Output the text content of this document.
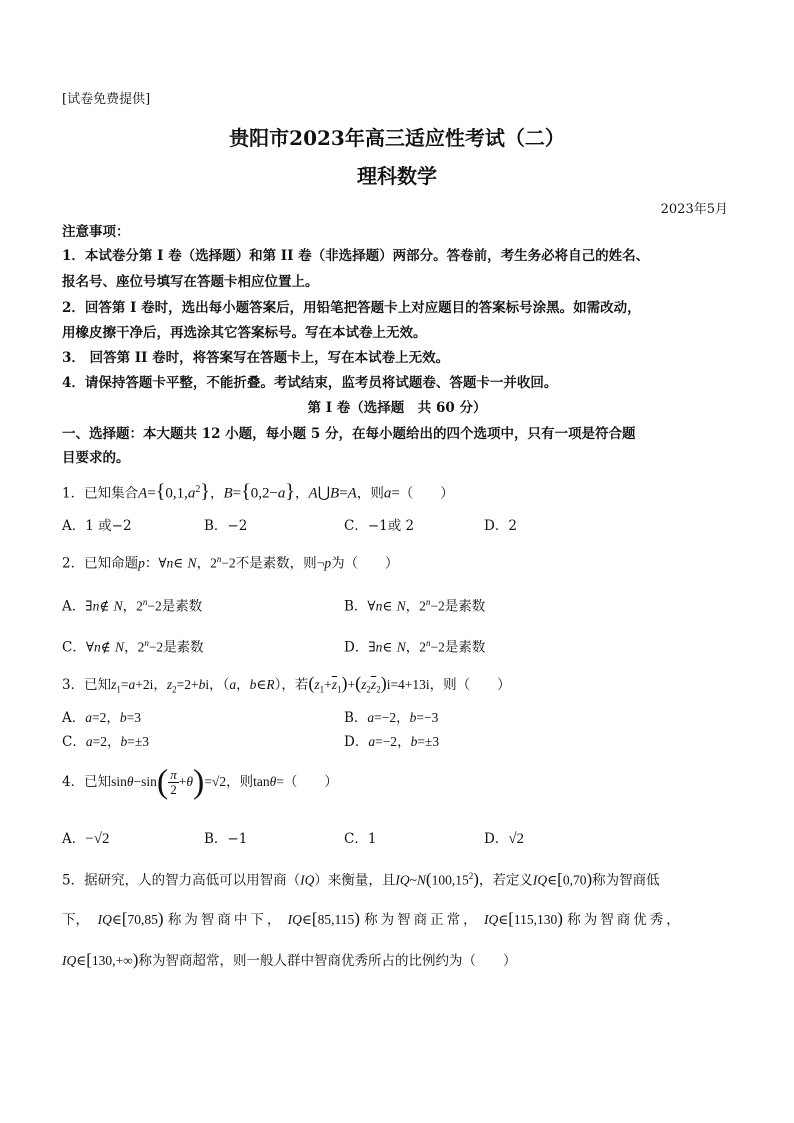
[试卷免费提供]
贵阳市2023年高三适应性考试（二）
理科数学
2023年5月
注意事项：
1．本试卷分第 I 卷（选择题）和第 II 卷（非选择题）两部分。答卷前，考生务必将自己的姓名、
报名号、座位号填写在答题卡相应位置上。
2．回答第 I 卷时，选出每小题答案后，用铅笔把答题卡上对应题目的答案标号涂黑。如需改动，
用橡皮擦干净后，再选涂其它答案标号。写在本试卷上无效。
3． 回答第 II 卷时，将答案写在答题卡上，写在本试卷上无效。
4．请保持答题卡平整，不能折叠。考试结束，监考员将试题卷、答题卡一并收回。
第 I 卷（选择题　共 60 分）
一、选择题：本大题共 12 小题，每小题 5 分，在每小题给出的四个选项中，只有一项是符合题
目要求的。
1．已知集合$A=\{0,1,a^2\}$，B={0,2−a}，A⋃B=A，则a=（　　）
A．1 或−2	B．−2	C．−1或 2	D．2
2．已知命题p：∀n∈ N，$2^n-2$不是素数，则¬p为（　　）
A．∃n∉ N，$2^n-2$是素数	B．∀n∈ N，$2^n-2$是素数
C．∀n∉ N，$2^n-2$是素数	D．∃n∈ N，$2^n-2$是素数
3．已知$z_1=a+2i$，$z_2=2+bi$，（a，b∈R），若$(z_1+\overline{z}_1)+(z_2\overline{z}_2)i=4+13i$，则（　　）
A．a=2，b=3	B．a=−2，b=−3
C．a=2，b=±3	D．a=−2，b=±3
4．已知$\sin\theta-\sin( \frac{\pi}{2} +\theta)=√2$，则tanθ=（　　）
A．−√2	B．−1	C．1	D．√2
5．据研究，人的智力高低可以用智商（IQ）来衡量，且IQ~N(100,15$^2$)，若定义IQ∈[0,70)称为智商低
下， IQ∈[70,85) 称为智商中下， IQ∈[85,115) 称为智商正常， IQ∈[115,130) 称为智商优秀，
IQ∈[130,+∞)称为智商超常，则一般人群中智商优秀所占的比例约为（　　）
